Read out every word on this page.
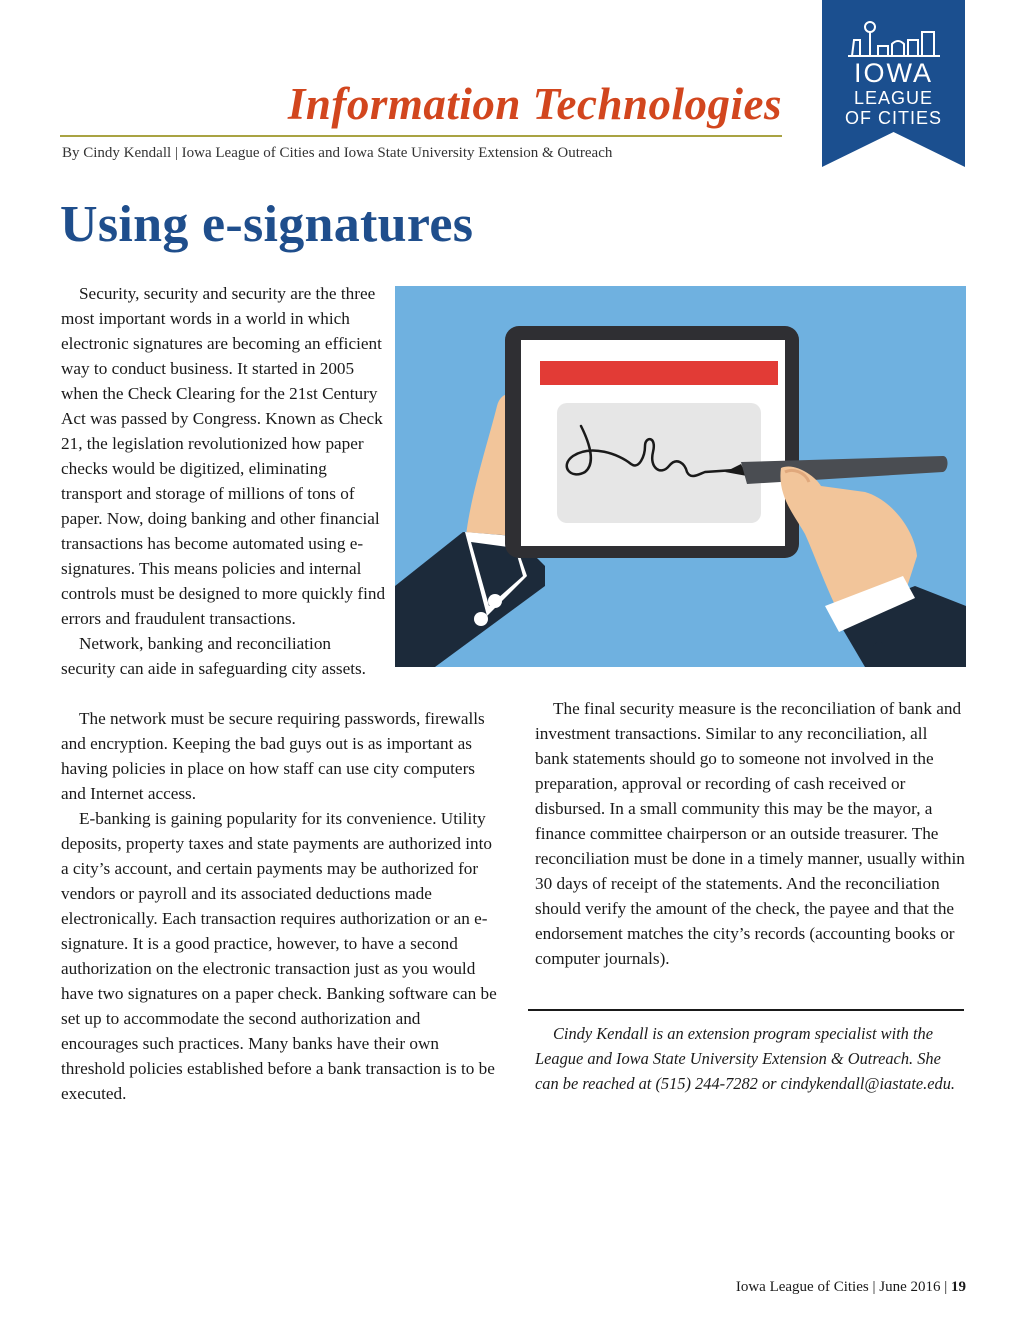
Information Technologies
By Cindy Kendall | Iowa League of Cities and Iowa State University Extension & Outreach
IOWA
LEAGUE
OF CITIES
Using e-signatures

Security, security and security are the three most important words in a world in which electronic signatures are becoming an efficient way to conduct business. It started in 2005 when the Check Clearing for the 21st Century Act was passed by Congress. Known as Check 21, the legislation revolutionized how paper checks would be digitized, eliminating transport and storage of millions of tons of paper. Now, doing banking and other financial transactions has become automated using e-signatures. This means policies and internal controls must be designed to more quickly find errors and fraudulent transactions.

Network, banking and reconciliation security can aide in safeguarding city assets.

The network must be secure requiring passwords, firewalls and encryption. Keeping the bad guys out is as important as having policies in place on how staff can use city computers and Internet access.

E-banking is gaining popularity for its convenience. Utility deposits, property taxes and state payments are authorized into a city’s account, and certain payments may be authorized for vendors or payroll and its associated deductions made electronically. Each transaction requires authorization or an e-signature. It is a good practice, however, to have a second authorization on the electronic transaction just as you would have two signatures on a paper check. Banking software can be set up to accommodate the second authorization and encourages such practices. Many banks have their own threshold policies established before a bank transaction is to be executed.

The final security measure is the reconciliation of bank and investment transactions. Similar to any reconciliation, all bank statements should go to someone not involved in the preparation, approval or recording of cash received or disbursed. In a small community this may be the mayor, a finance committee chairperson or an outside treasurer. The reconciliation must be done in a timely manner, usually within 30 days of receipt of the statements. And the reconciliation should verify the amount of the check, the payee and that the endorsement matches the city’s records (accounting books or computer journals).

Cindy Kendall is an extension program specialist with the League and Iowa State University Extension & Outreach. She can be reached at (515) 244-7282 or cindykendall@iastate.edu.

Iowa League of Cities | June 2016 | 19
